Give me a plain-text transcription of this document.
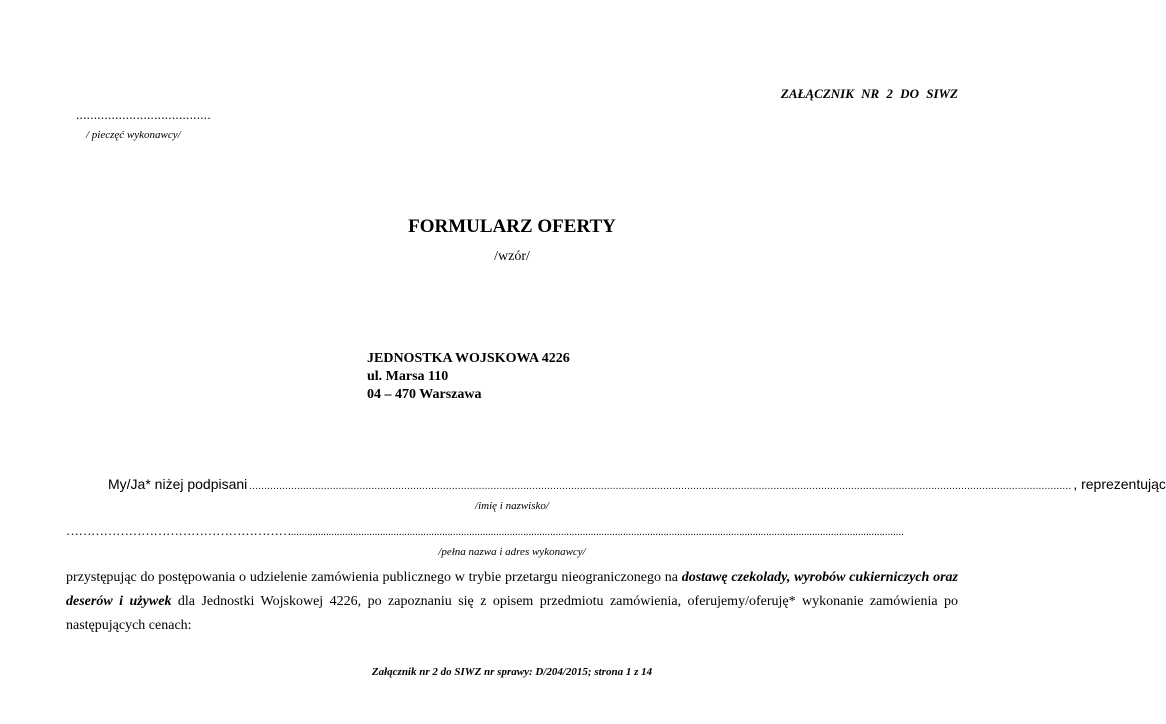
ZAŁĄCZNIK NR 2 DO SIWZ
......................................
/ pieczęć wykonawcy/
FORMULARZ OFERTY
/wzór/
JEDNOSTKA WOJSKOWA 4226
ul. Marsa 110
04 – 470 Warszawa
My/Ja* niżej podpisani .................................................................................................................................................................................................................................................................................... , reprezentując
/imię i nazwisko/
………………………………………………...................................................................................................................................................................................................................................
/pełna nazwa i adres wykonawcy/
przystępując do postępowania o udzielenie zamówienia publicznego w trybie przetargu nieograniczonego na dostawę czekolady, wyrobów cukierniczych oraz deserów i używek dla Jednostki Wojskowej 4226, po zapoznaniu się z opisem przedmiotu zamówienia, oferujemy/oferuję* wykonanie zamówienia po następujących cenach:
Załącznik nr 2 do SIWZ nr sprawy: D/204/2015; strona 1 z 14
